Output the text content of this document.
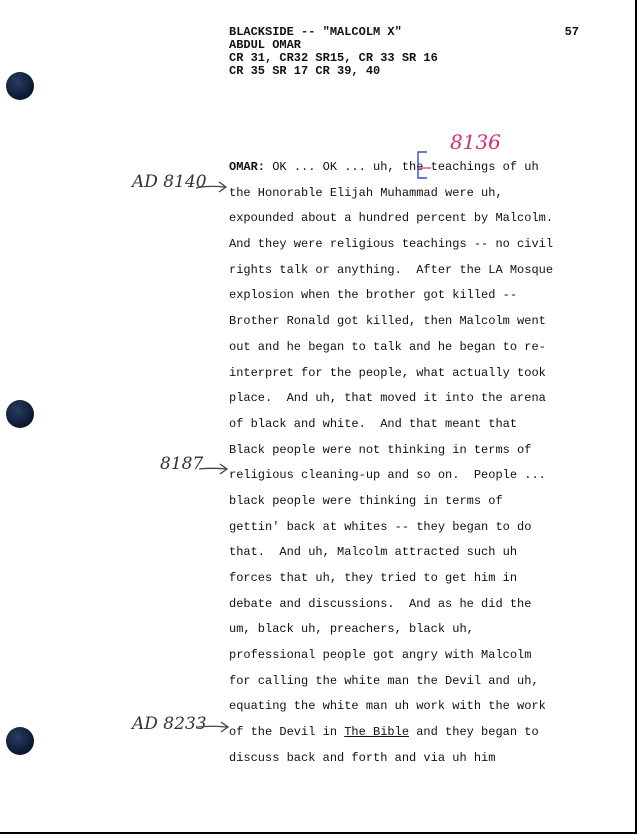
BLACKSIDE -- "MALCOLM X"
ABDUL OMAR
CR 31, CR32 SR15, CR 33 SR 16
CR 35 SR 17 CR 39, 40
57
OMAR: OK ... OK ... uh, the teachings of uh
the Honorable Elijah Muhammad were uh,
expounded about a hundred percent by Malcolm.
And they were religious teachings -- no civil
rights talk or anything.  After the LA Mosque
explosion when the brother got killed --
Brother Ronald got killed, then Malcolm went
out and he began to talk and he began to re-
interpret for the people, what actually took
place.  And uh, that moved it into the arena
of black and white.  And that meant that
Black people were not thinking in terms of
religious cleaning-up and so on.  People ...
black people were thinking in terms of
gettin' back at whites -- they began to do
that.  And uh, Malcolm attracted such uh
forces that uh, they tried to get him in
debate and discussions.  And as he did the
um, black uh, preachers, black uh,
professional people got angry with Malcolm
for calling the white man the Devil and uh,
equating the white man uh work with the work
of the Devil in The Bible and they began to
discuss back and forth and via uh him
AD 8140
8187
8136
AD 8233
